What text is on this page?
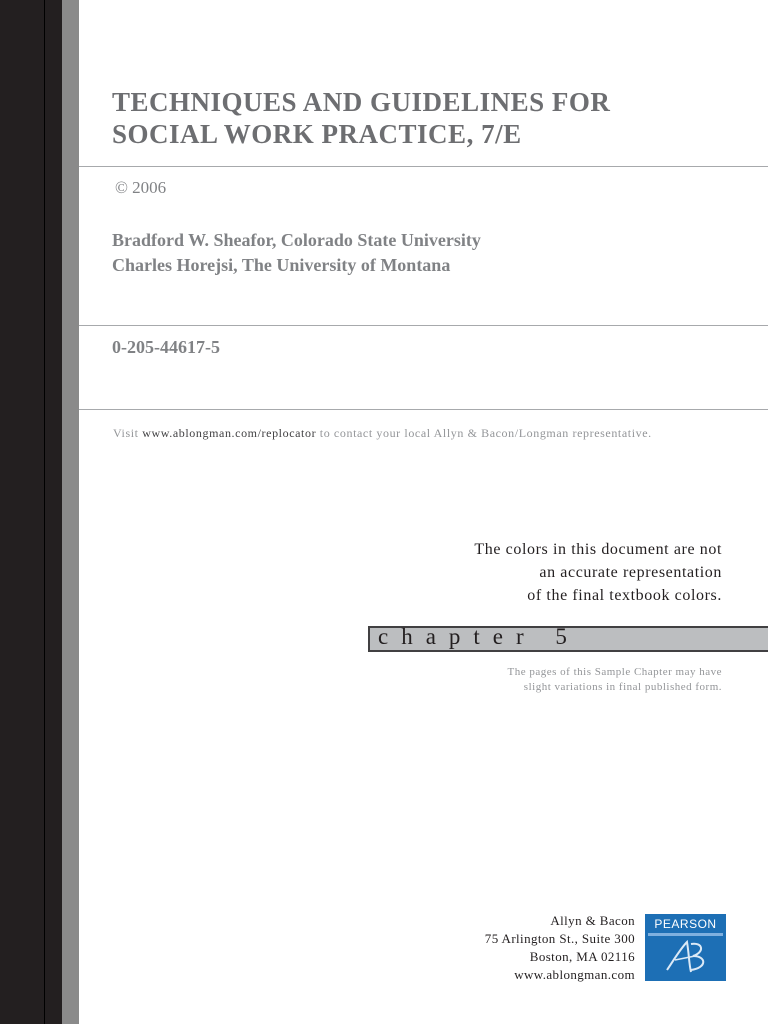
TECHNIQUES AND GUIDELINES FOR
SOCIAL WORK PRACTICE, 7/E
© 2006
Bradford W. Sheafor, Colorado State University
Charles Horejsi, The University of Montana
0-205-44617-5
Visit www.ablongman.com/replocator to contact your local Allyn & Bacon/Longman representative.
The colors in this document are not
an accurate representation
of the final textbook colors.
chapter 5
The pages of this Sample Chapter may have
slight variations in final published form.
Allyn & Bacon
75 Arlington St., Suite 300
Boston, MA 02116
www.ablongman.com
PEARSON
